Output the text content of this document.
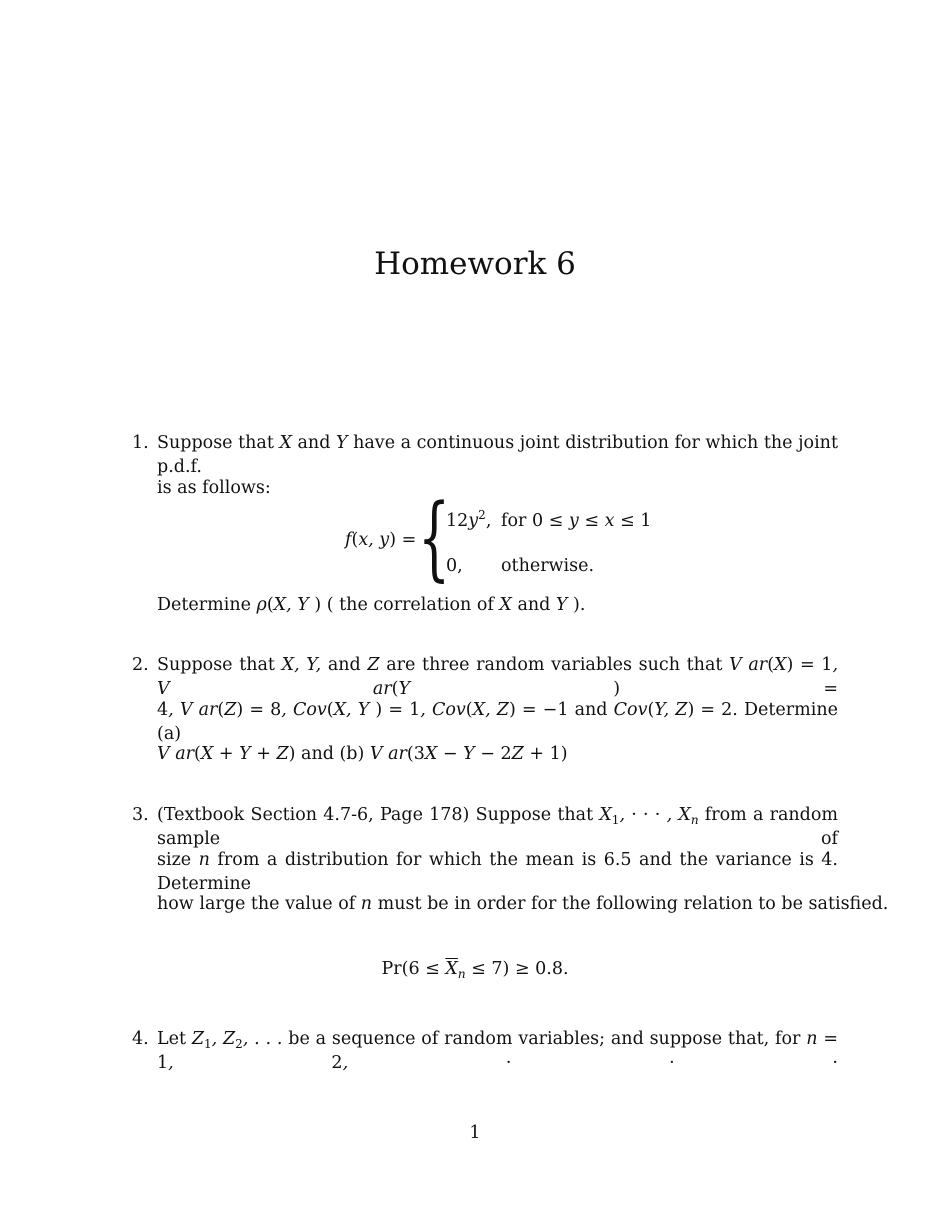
Homework 6
1. Suppose that X and Y have a continuous joint distribution for which the joint p.d.f.
is as follows:
f(x, y) = {
$12y^2$, for 0 ≤ y ≤ x ≤ 1
0, otherwise.
Determine ρ(X, Y ) ( the correlation of X and Y ).
2. Suppose that X, Y, and Z are three random variables such that V ar(X) = 1, V ar(Y ) =
4, V ar(Z) = 8, Cov(X, Y ) = 1, Cov(X, Z) = −1 and Cov(Y, Z) = 2. Determine (a)
V ar(X + Y + Z) and (b) V ar(3X − Y − 2Z + 1)
3. (Textbook Section 4.7-6, Page 178) Suppose that $X_1$, · · · , $X_n$ from a random sample of
size n from a distribution for which the mean is 6.5 and the variance is 4. Determine
how large the value of n must be in order for the following relation to be satisfied.
$Pr(6 \le \overline{X}_n \le 7) \ge 0.8$.
4. Let $Z_1$, $Z_2$, . . . be a sequence of random variables; and suppose that, for n = 1, 2, · · ·
1
